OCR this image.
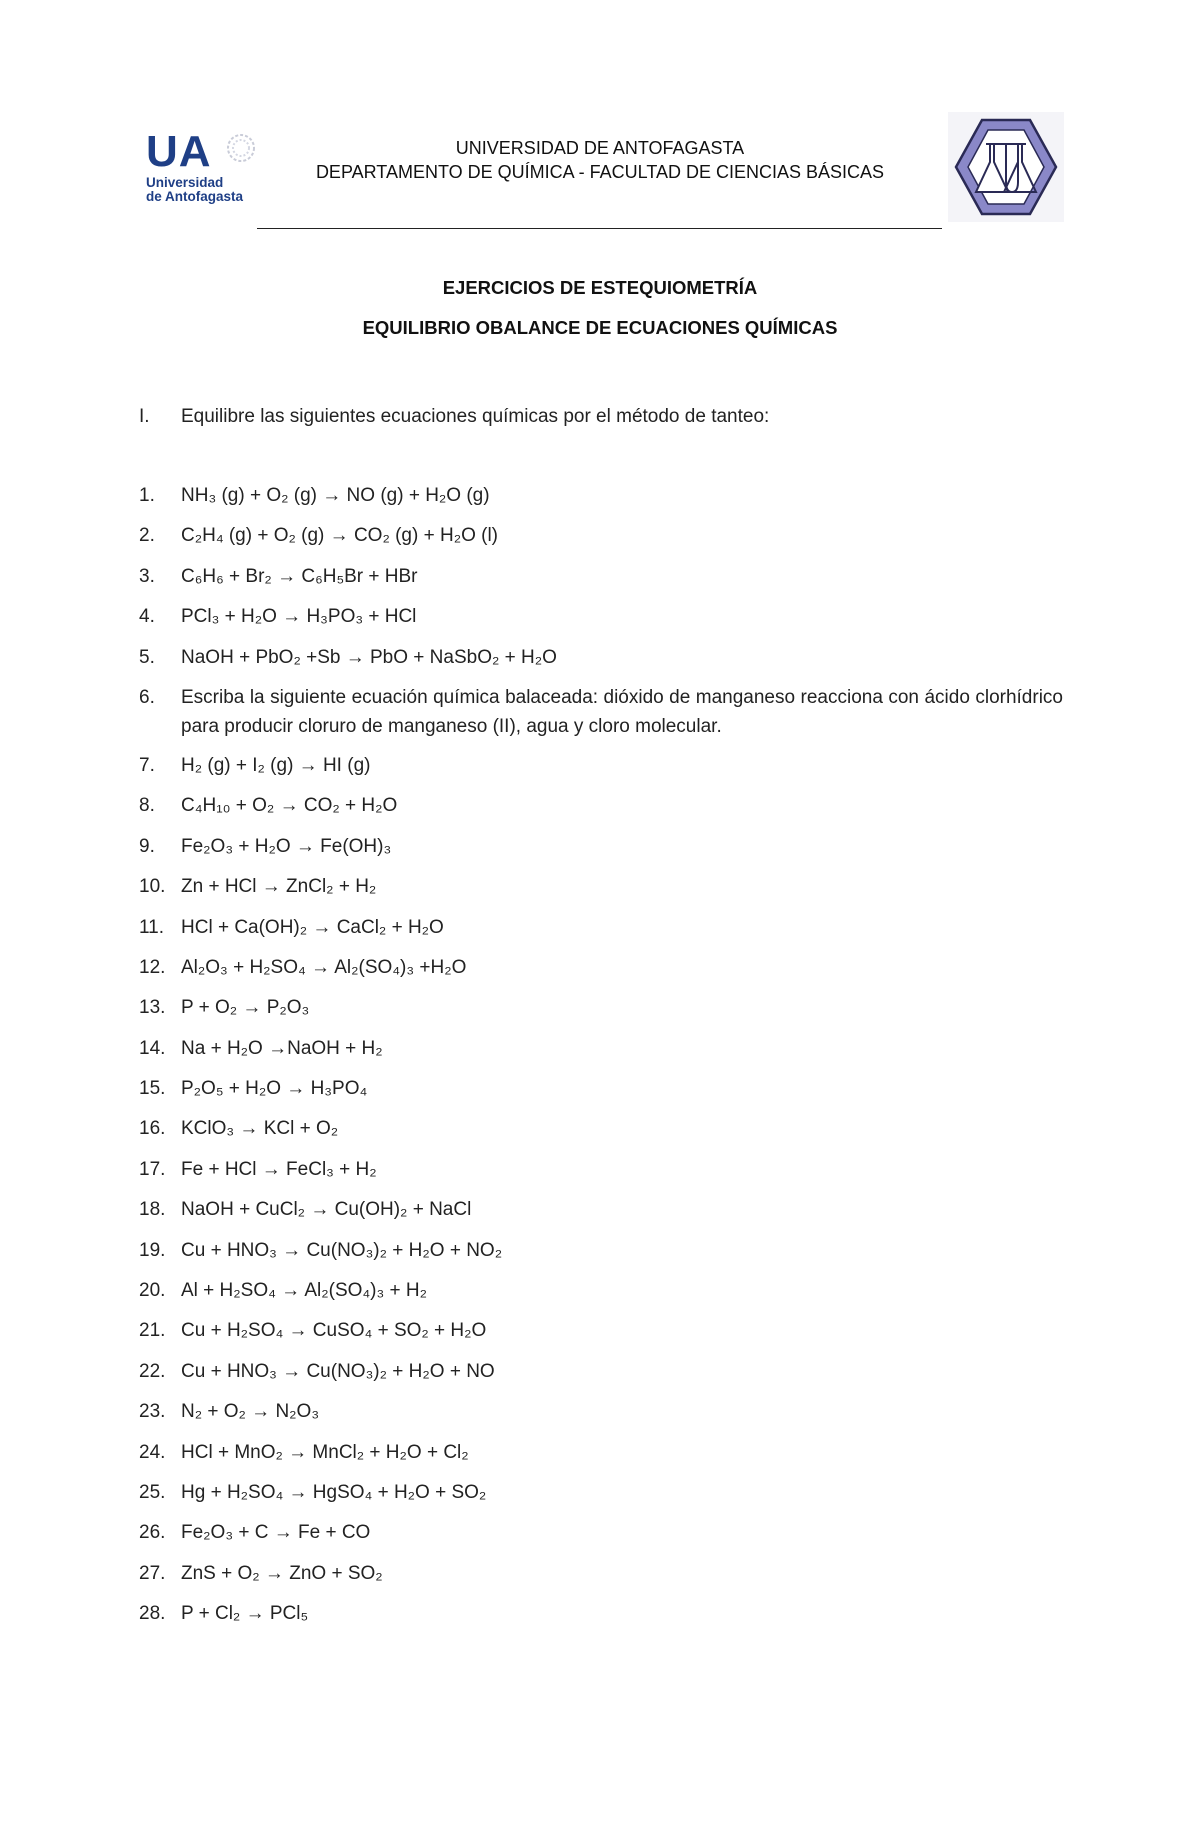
UA
Universidad
de Antofagasta
UNIVERSIDAD DE ANTOFAGASTA
DEPARTAMENTO DE QUÍMICA - FACULTAD DE CIENCIAS BÁSICAS
EJERCICIOS DE ESTEQUIOMETRÍA
EQUILIBRIO OBALANCE DE ECUACIONES QUÍMICAS
I. Equilibre las siguientes ecuaciones químicas por el método de tanteo:
1.	NH₃ (g) + O₂ (g) → NO (g) + H₂O (g)
2.	C₂H₄ (g) + O₂ (g) → CO₂ (g) + H₂O (l)
3.	C₆H₆ + Br₂ → C₆H₅Br + HBr
4.	PCl₃ + H₂O → H₃PO₃ + HCl
5.	NaOH + PbO₂ +Sb → PbO + NaSbO₂ + H₂O
6.	Escriba la siguiente ecuación química balaceada: dióxido de manganeso reacciona con ácido clorhídrico para producir cloruro de manganeso (II), agua y cloro molecular.
7.	H₂ (g) + I₂ (g) → HI (g)
8.	C₄H₁₀ + O₂ → CO₂ + H₂O
9.	Fe₂O₃ + H₂O → Fe(OH)₃
10. Zn + HCl → ZnCl₂ + H₂
11. HCl + Ca(OH)₂ → CaCl₂ + H₂O
12. Al₂O₃ + H₂SO₄ → Al₂(SO₄)₃ +H₂O
13. P + O₂ → P₂O₃
14. Na + H₂O →NaOH + H₂
15. P₂O₅ + H₂O → H₃PO₄
16. KClO₃ → KCl + O₂
17. Fe + HCl → FeCl₃ + H₂
18. NaOH + CuCl₂ → Cu(OH)₂ + NaCl
19. Cu + HNO₃ → Cu(NO₃)₂ + H₂O + NO₂
20. Al + H₂SO₄ → Al₂(SO₄)₃ + H₂
21. Cu + H₂SO₄ → CuSO₄ + SO₂ + H₂O
22. Cu + HNO₃ → Cu(NO₃)₂ + H₂O + NO
23. N₂ + O₂ → N₂O₃
24. HCl + MnO₂ → MnCl₂ + H₂O + Cl₂
25. Hg + H₂SO₄ → HgSO₄ + H₂O + SO₂
26. Fe₂O₃ + C → Fe + CO
27. ZnS + O₂ → ZnO + SO₂
28. P + Cl₂ → PCl₅
